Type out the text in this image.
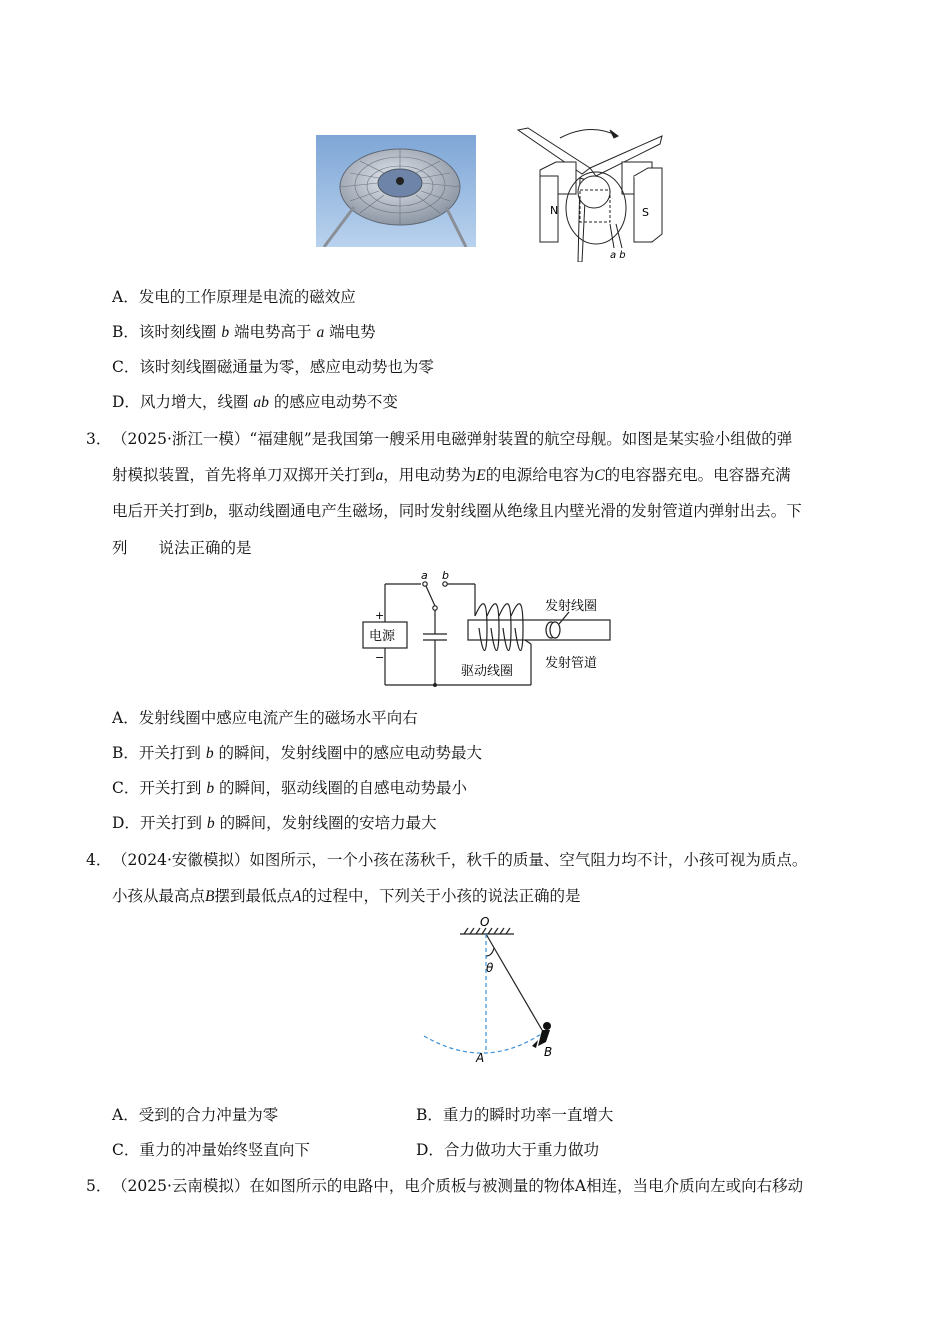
N	S
a b
A．发电的工作原理是电流的磁效应
B．该时刻线圈 b 端电势高于 a 端电势
C．该时刻线圈磁通量为零，感应电动势也为零
D．风力增大，线圈 ab 的感应电动势不变
3． （2025·浙江一模）“福建舰”是我国第一艘采用电磁弹射装置的航空母舰。如图是某实验小组做的弹
射模拟装置，首先将单刀双掷开关打到a，用电动势为E的电源给电容为C的电容器充电。电容器充满
电后开关打到b，驱动线圈通电产生磁场，同时发射线圈从绝缘且内壁光滑的发射管道内弹射出去。下
列　　说法正确的是
a b
+
−
电源
发射线圈
驱动线圈
发射管道
A．发射线圈中感应电流产生的磁场水平向右
B．开关打到 b 的瞬间，发射线圈中的感应电动势最大
C．开关打到 b 的瞬间，驱动线圈的自感电动势最小
D．开关打到 b 的瞬间，发射线圈的安培力最大
4． （2024·安徽模拟）如图所示，一个小孩在荡秋千，秋千的质量、空气阻力均不计，小孩可视为质点。
小孩从最高点B摆到最低点A的过程中，下列关于小孩的说法正确的是
O
θ
A	B
A．受到的合力冲量为零	B．重力的瞬时功率一直增大
C．重力的冲量始终竖直向下	D．合力做功大于重力做功
5． （2025·云南模拟）在如图所示的电路中，电介质板与被测量的物体A相连，当电介质向左或向右移动
